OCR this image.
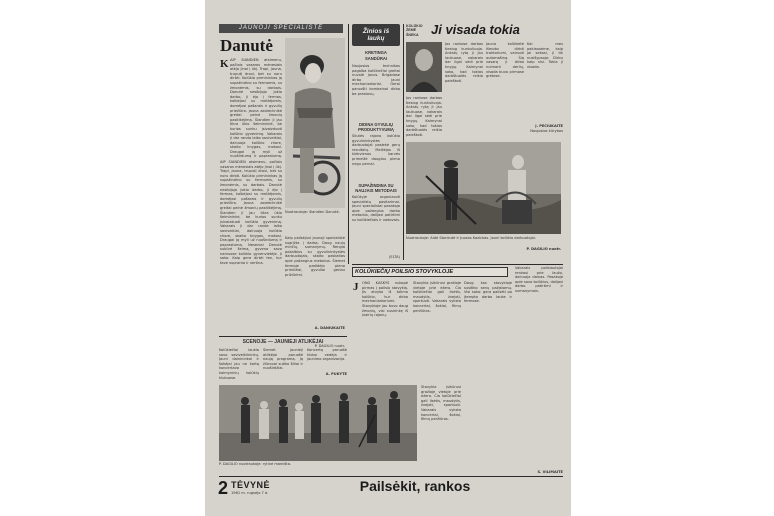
JAUNOJI SPECIALISTĖ
Danutė
K AIP ŠIANDIEN atsimenu, pačiais vasaros mėnesiais atėjo jinai į ūkį. Trapi, jauna, truputį drovi, bet su noru dirbti. Kolūkio pirmininkas ją supažindino su fermomis, su žmonėmis, su darbais. Danutė nesibijojo jokio darbo, ji ėjo į fermas, kalbėjosi su melžėjomis, domėjosi pašarais ir gyvulių priežiūra. Jauna zootechnikė greitai pelnė žmonių pasitikėjimą. Šiandien ji jau tikra ūkio šeimininkė, be kurios sunku įsivaizduoti kolūkio gyvenimą. Vakarais ji dar randa laiko saviveiklai, dainuoja kolūkio chore, skaito knygas, mokosi. Draugai ją myli už nuoširdumą ir paprastumą.
AIP ŠIANDIEN atsimenu, pačiais vasaros mėnesiais atėjo jinai į ūkį. Trapi, jauna, truputį drovi, bet su noru dirbti. Kolūkio pirmininkas ją supažindino su fermomis, su žmonėmis, su darbais. Danutė nesibijojo jokio darbo, ji ėjo į fermas, kalbėjosi su melžėjomis, domėjosi pašarais ir gyvulių priežiūra. Jauna zootechnikė greitai pelnė žmonių pasitikėjimą. Šiandien ji jau tikra ūkio šeimininkė, be kurios sunku įsivaizduoti kolūkio gyvenimą. Vakarais ji dar randa laiko saviveiklai, dainuoja kolūkio chore, skaito knygas, mokosi. Draugai ją myli už nuoširdumą ir paprastumą. Neseniai Danutė sukūrė šeimą, gyvena savo namuose kolūkio gyvenvietėje. Ji sako: Kaip gera dirbti ten, kur tave supranta ir vertina.
Nuotraukoje: šiandien Danutė.
Kaip pailsėjusi jaunoji specialistė sugrįžta į darbą. Daug naujų minčių, sumanymų. Rengia pokalbius su gyvulininkystės darbuotojais, skaito paskaitas apie pažangius metodus. Šiemet fermoje padidėjo pieno primilžiai, gyvuliai geriau prižiūrimi.
A. DANIŪKAITĖ
P. DAGILIO nuotr.
SCENOJE — JAUNIEJI ATLIKĖJAI
Kolūkiečiai laukia savo saviveiklininkų. Jauni dainininkai ir šokėjai jau ne kartą koncertavo kaimyninių kolūkių klubuose.
Šiemet jaunieji atlikėjai paruošė naują programą. Ją žiūrovai sutiko šiltai ir nuoširdžiai.
Koncertą paruošė klubo vedėja ir jaunimo organizacija.
A. PUKYTĖ
P. DAGILIO nuotraukoje: rytinė mankšta.
Žinios iš laukų
KRETINGA
SANDŪRAI
Naujosios technikos pagalba kolūkiečiai greitai nuvalė javus. Brigadose dirbo jauni mechanizatoriai. Gerai paruošti kombainai dirbo be prastovų.
DIDINA GYVULIŲ PRODUKTYVUMĄ
Šilutės rajono kolūkio gyvulininkystės darbuotojai pasiekė gerų rezultatų. Melžėjos iš kiekvienos karvės primelžė daugiau pieno negu pernai.
SUPAŽINDINA SU NAUJAIS METODAIS
Kolūkyje organizuoti specialistų pasitarimai. Jauni specialistai pasakoja apie pažangius darbo metodus, dalijasi patirtimi su kolūkiečiais ir vadovais.
(ELTA)
KOLŪKIO ŽEMĖ ŠNEKA Ji visada tokia
Jos rankose darbas tiesiog kunkuliuoja. Ankstų rytą ji jau laukuose, vakarais dar ilgai sėdi prie knygų. Kaimynai sako, kad tokios darbštuolės reikia paieškoti.
Jauna kolūkietė išmoko dirbti traktoriumi, vairuoti automašiną. Šią vasarą ji dirbo nuimant derlių, visada buvo pirmose gretose.
Kai mes paklausėme, kaip jai sekasi, ji tik nusišypsojo: Dirbu kaip visi. Tokia ji visada.
Jos rankose darbas tiesiog kunkuliuoja. Ankstų rytą ji jau laukuose, vakarais dar ilgai sėdi prie knygų. Kaimynai sako, kad tokios darbštuolės reikia paieškoti.
J. PEČIŪKAITĖ
Naujosios kūrybos
Nuotraukoje: Aldė Stonkutė ir Juozas Kazickas. Jauni kolūkio darbuotojai.
P. DAGILIO nuotr.
KOLŪKIEČIŲ POILSIO STOVYKLOJE
J ONG KAŠKYS nukopė pirmas į poilsio stovyklą. Jis atvyko iš tolimo kolūkio, kur dirba mechanizatoriumi. Stovykloje jau buvo daug žmonių, visi susirinkę iš įvairių rajonų.
Stovykla įsikūrusi gražioje vietoje prie ežero. Čia kolūkiečiai gali ilsėtis, maudytis, žvejoti, sportuoti. Vakarais vyksta koncertai, šokiai, filmų peržiūros.
Daug kas stovykloje susitiko senų pažįstamų. Visi sako: gera pailsėti po įtempto darbo lauke ir fermose.
Vakarais poilsiautojai renkasi prie laužo, dainuoja dainas. Pasakoja apie savo kolūkius, dalijasi darbo patirtimi ir sumanymais.
Stovykla įsikūrusi gražioje vietoje prie ežero. Čia kolūkiečiai gali ilsėtis, maudytis, žvejoti, sportuoti. Vakarais vyksta koncertai, šokiai, filmų peržiūros.
S. VILIMAITĖ
Pailsėkit, rankos
2 TĖVYNĖ
1961 m. rugsėjo 7 d.
